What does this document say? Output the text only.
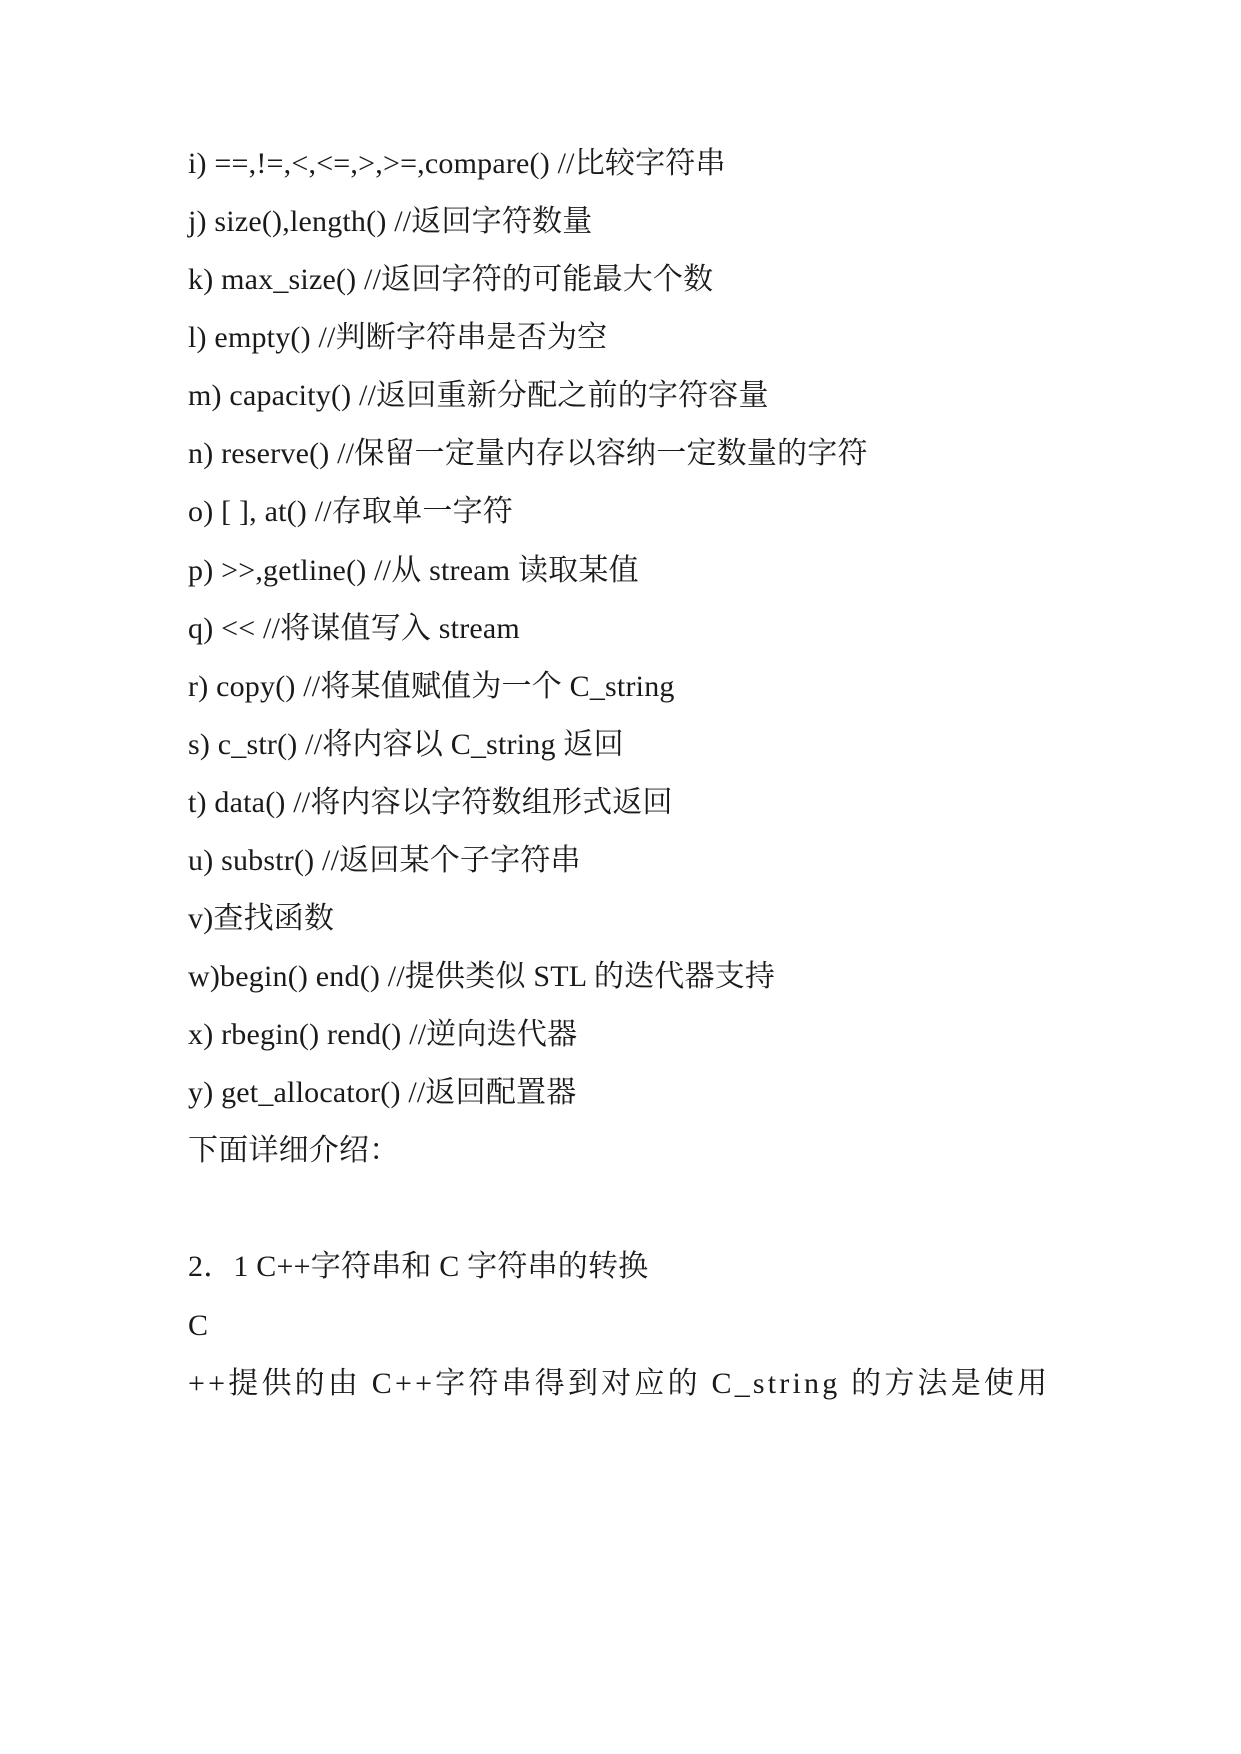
i) ==,!=,<,<=,>,>=,compare() //比较字符串
j) size(),length() //返回字符数量
k) max_size() //返回字符的可能最大个数
l) empty() //判断字符串是否为空
m) capacity() //返回重新分配之前的字符容量
n) reserve() //保留一定量内存以容纳一定数量的字符
o) [ ], at() //存取单一字符
p) >>,getline() //从 stream 读取某值
q) << //将谋值写入 stream
r) copy() //将某值赋值为一个 C_string
s) c_str() //将内容以 C_string 返回
t) data() //将内容以字符数组形式返回
u) substr() //返回某个子字符串
v)查找函数
w)begin() end() //提供类似 STL 的迭代器支持
x) rbegin() rend() //逆向迭代器
y) get_allocator() //返回配置器
下面详细介绍：
2．1 C++字符串和 C 字符串的转换
C
++提供的由 C++字符串得到对应的 C_string 的方法是使用
